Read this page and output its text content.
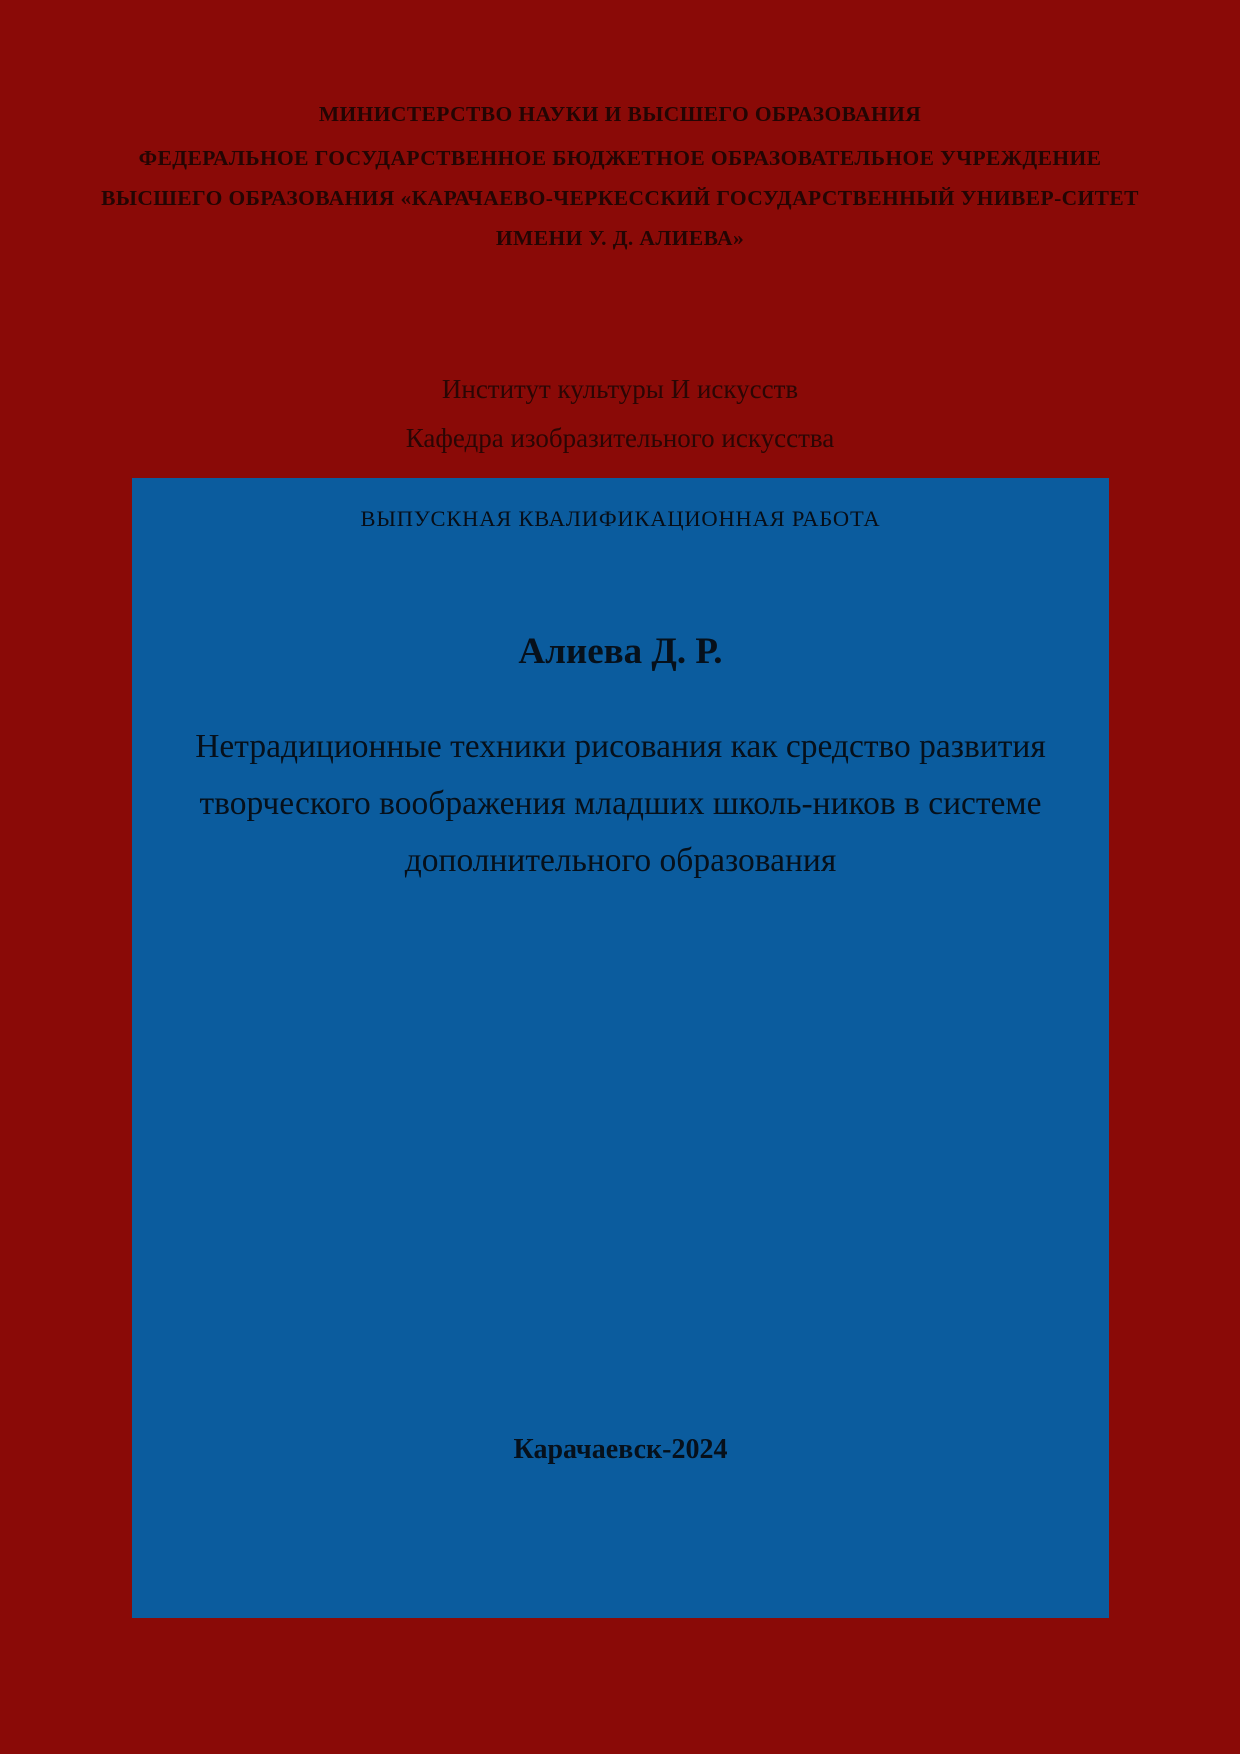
МИНИСТЕРСТВО НАУКИ И ВЫСШЕГО ОБРАЗОВАНИЯ
ФЕДЕРАЛЬНОЕ ГОСУДАРСТВЕННОЕ БЮДЖЕТНОЕ ОБРАЗОВАТЕЛЬНОЕ УЧРЕЖДЕНИЕ
ВЫСШЕГО ОБРАЗОВАНИЯ «КАРАЧАЕВО-ЧЕРКЕССКИЙ ГОСУДАРСТВЕННЫЙ УНИВЕР-СИТЕТ
ИМЕНИ У. Д. АЛИЕВА»
Институт культуры И искусств
Кафедра изобразительного искусства
ВЫПУСКНАЯ КВАЛИФИКАЦИОННАЯ РАБОТА
Алиева Д. Р.
Нетрадиционные техники рисования как средство развития творческого воображения младших школь-ников в системе дополнительного образования
Карачаевск-2024
